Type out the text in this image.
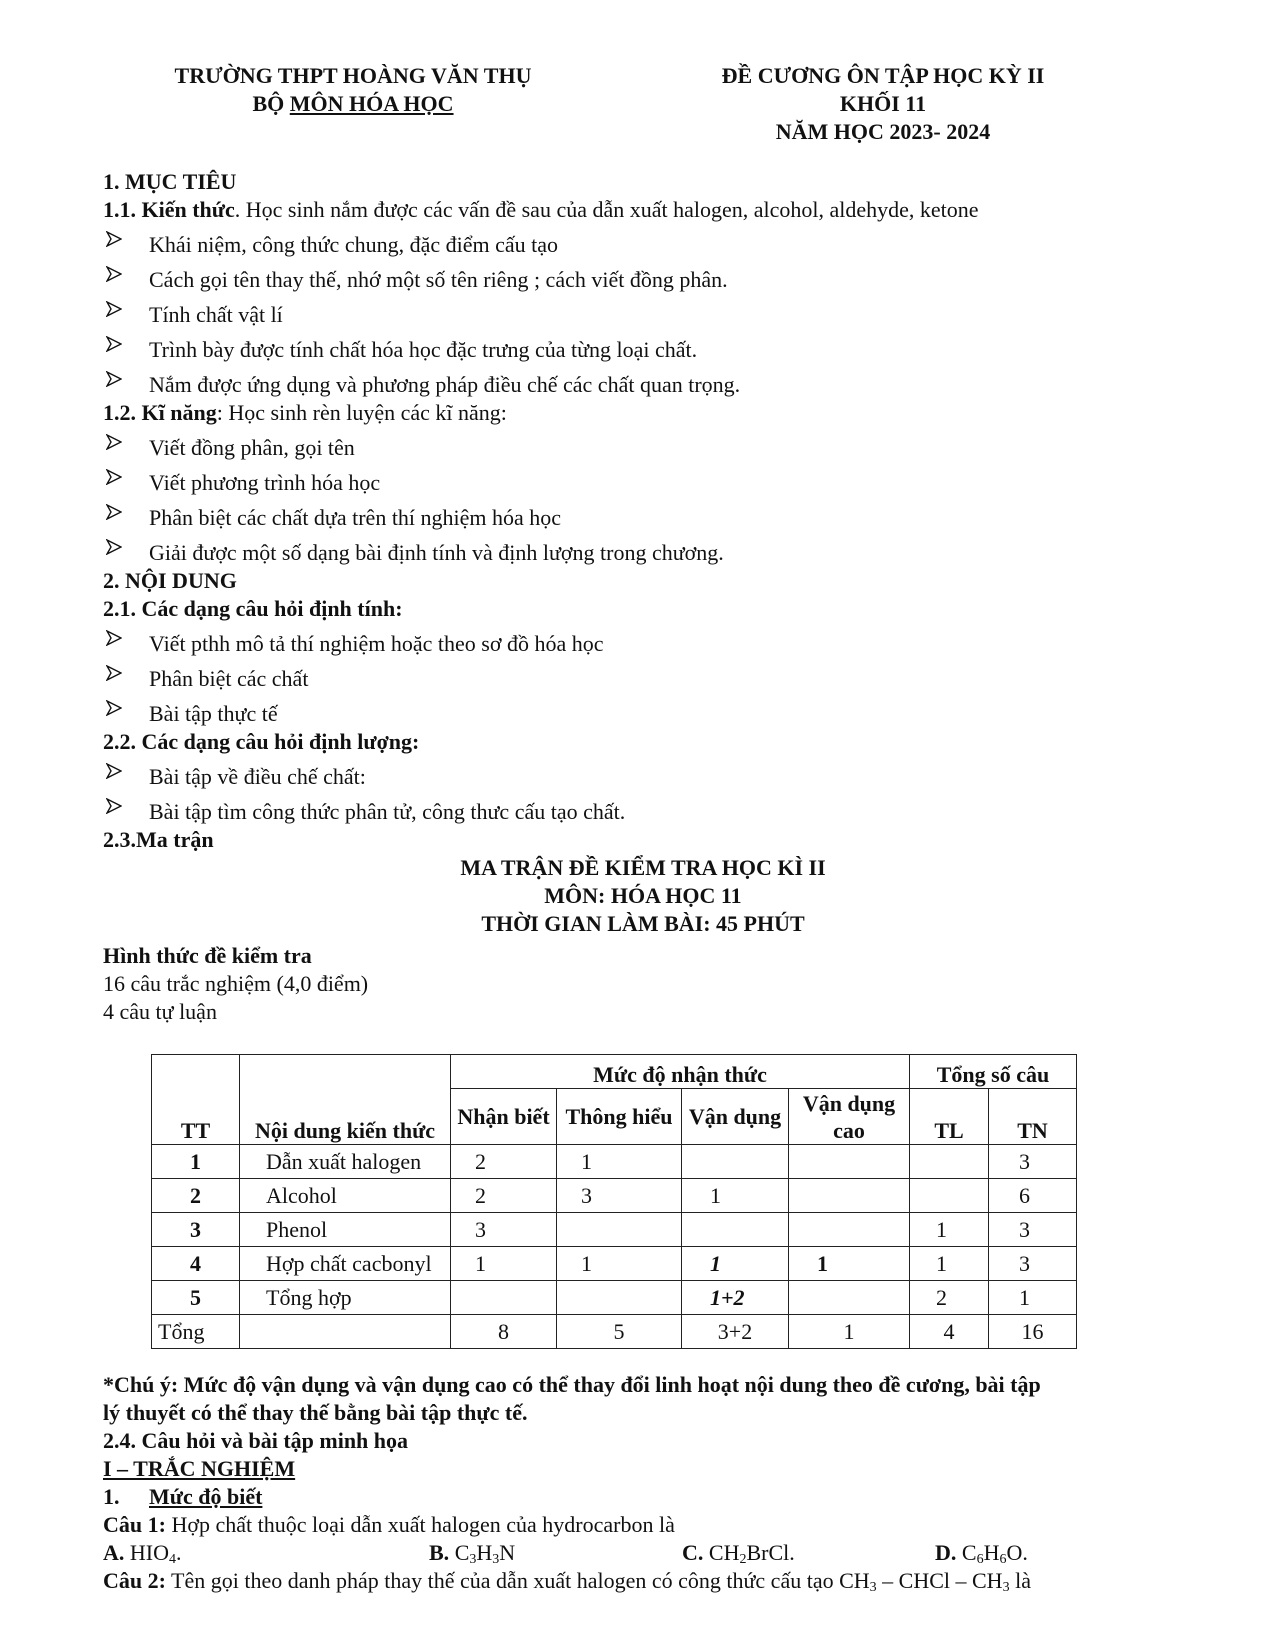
TRƯỜNG THPT HOÀNG VĂN THỤ
BỘ MÔN HÓA HỌC
ĐỀ CƯƠNG ÔN TẬP HỌC KỲ II
KHỐI 11
NĂM HỌC 2023- 2024
1. MỤC TIÊU
1.1. Kiến thức. Học sinh nắm được các vấn đề sau của dẫn xuất halogen, alcohol, aldehyde, ketone
Khái niệm, công thức chung, đặc điểm cấu tạo
Cách gọi tên thay thế, nhớ một số tên riêng ; cách viết đồng phân.
Tính chất vật lí
Trình bày được tính chất hóa học đặc trưng của từng loại chất.
Nắm được ứng dụng và phương pháp điều chế các chất quan trọng.
1.2. Kĩ năng: Học sinh rèn luyện các kĩ năng:
Viết đồng phân, gọi tên
Viết phương trình hóa học
Phân biệt các chất dựa trên thí nghiệm hóa học
Giải được một số dạng bài định tính và định lượng trong chương.
2. NỘI DUNG
2.1. Các dạng câu hỏi định tính:
Viết pthh mô tả thí nghiệm hoặc theo sơ đồ hóa học
Phân biệt các chất
Bài tập thực tế
2.2. Các dạng câu hỏi định lượng:
Bài tập về điều chế chất:
Bài tập tìm công thức phân tử, công thưc cấu tạo chất.
2.3.Ma trận
MA TRẬN ĐỀ KIỂM TRA HỌC KÌ II
MÔN: HÓA HỌC 11
THỜI GIAN LÀM BÀI: 45 PHÚT
Hình thức đề kiểm tra
16 câu trắc nghiệm (4,0 điểm)
4 câu tự luận
TT	Nội dung kiến thức	Mức độ nhận thức				Tổng số câu	
		Nhận biết	Thông hiểu	Vận dụng	Vận dụng cao	TL	TN
1	Dẫn xuất halogen	2	1				3
2	Alcohol	2	3	1			6
3	Phenol	3				1	3
4	Hợp chất cacbonyl	1	1	1	1	1	3
5	Tổng hợp			1+2		2	1
Tổng		8	5	3+2	1	4	16
*Chú ý: Mức độ vận dụng và vận dụng cao có thể thay đổi linh hoạt nội dung theo đề cương, bài tập
lý thuyết có thể thay thế bằng bài tập thực tế.
2.4. Câu hỏi và bài tập minh họa
I – TRẮC NGHIỆM
1. Mức độ biết
Câu 1: Hợp chất thuộc loại dẫn xuất halogen của hydrocarbon là
A. $HIO_4$.	B. $C_3H_3N$	C. $CH_2BrCl$.	D. $C_6H_6O$.
Câu 2: Tên gọi theo danh pháp thay thế của dẫn xuất halogen có công thức cấu tạo $CH_3$ – CHCl – $CH_3$ là
